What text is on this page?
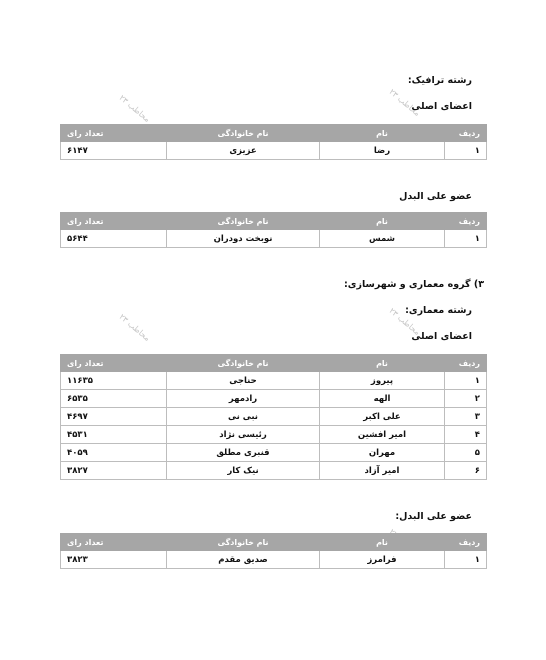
محاطب ۲۳
محاطب ۲۳
محاطب ۲۳
محاطب ۲۳
رشته ترافیک:
اعضای اصلی
ردیف	نام	نام خانوادگی	تعداد رای
۱	رضا	عزیزی	۶۱۴۷
عضو علی البدل
ردیف	نام	نام خانوادگی	تعداد رای
۱	شمس	نوبخت دودران	۵۶۴۴
۳) گروه معماری و شهرسازی:
رشته معماری:
اعضای اصلی
ردیف	نام	نام خانوادگی	تعداد رای
۱	پیروز	حناجی	۱۱۶۳۵
۲	الهه	رادمهر	۶۵۳۵
۳	علی اکبر	نبی نی	۴۶۹۷
۴	امیر افشین	رئیسی نژاد	۴۵۳۱
۵	مهران	قنبری مطلق	۴۰۵۹
۶	امیر آزاد	نیک کار	۳۸۲۷
عضو علی البدل:
ردیف	نام	نام خانوادگی	تعداد رای
۱	فرامرز	صدیق مقدم	۳۸۲۳
